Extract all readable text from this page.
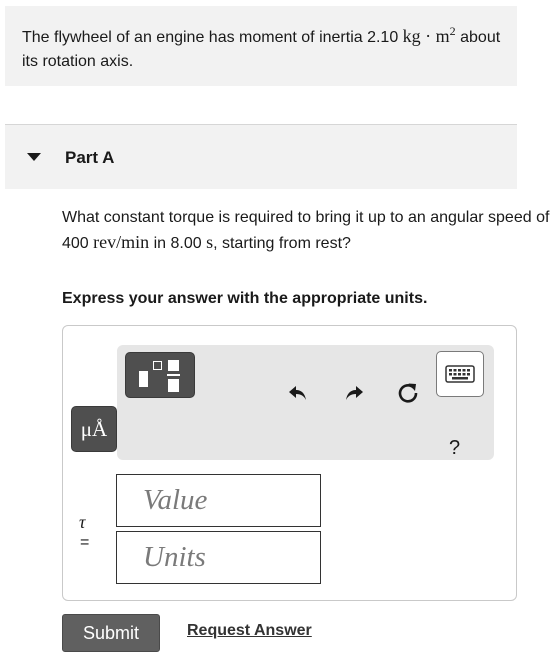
The flywheel of an engine has moment of inertia 2.10 kg · $m^2$ about its rotation axis.
Part A
What constant torque is required to bring it up to an angular speed of 400 rev/min in 8.00 s, starting from rest?
Express your answer with the appropriate units.
?
μÅ
τ
=
Value
Units
Submit	Request Answer
